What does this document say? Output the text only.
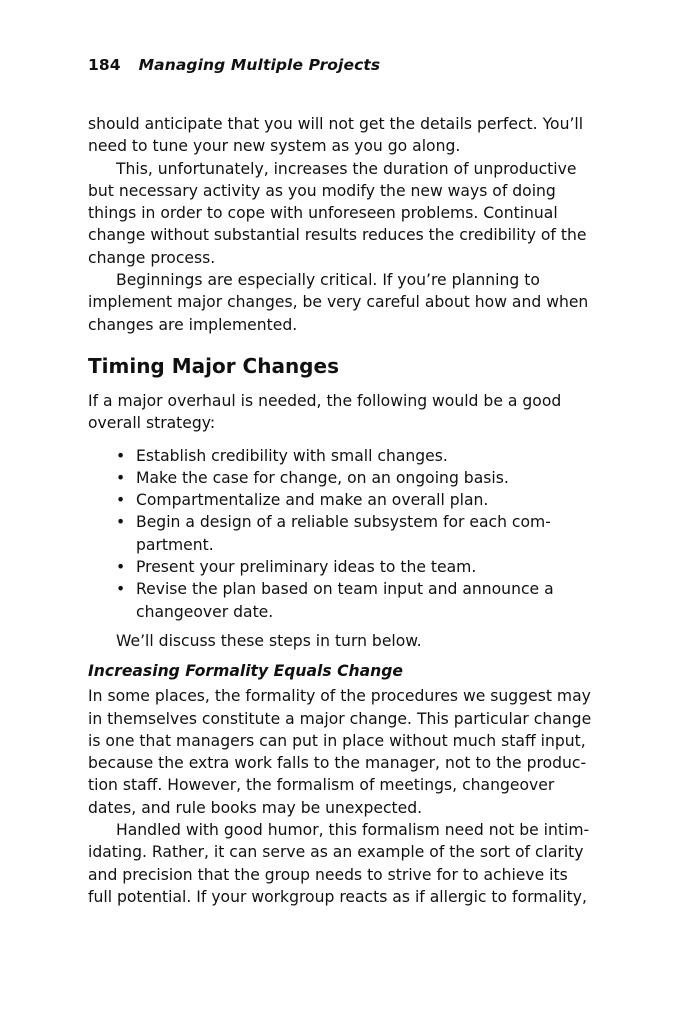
184 Managing Multiple Projects

should anticipate that you will not get the details perfect. You’ll
need to tune your new system as you go along.

This, unfortunately, increases the duration of unproductive
but necessary activity as you modify the new ways of doing
things in order to cope with unforeseen problems. Continual
change without substantial results reduces the credibility of the
change process.

Beginnings are especially critical. If you’re planning to
implement major changes, be very careful about how and when
changes are implemented.

Timing Major Changes

If a major overhaul is needed, the following would be a good
overall strategy:

• Establish credibility with small changes.
• Make the case for change, on an ongoing basis.
• Compartmentalize and make an overall plan.
• Begin a design of a reliable subsystem for each com-
partment.
• Present your preliminary ideas to the team.
• Revise the plan based on team input and announce a
changeover date.

We’ll discuss these steps in turn below.

Increasing Formality Equals Change

In some places, the formality of the procedures we suggest may
in themselves constitute a major change. This particular change
is one that managers can put in place without much staff input,
because the extra work falls to the manager, not to the produc-
tion staff. However, the formalism of meetings, changeover
dates, and rule books may be unexpected.

Handled with good humor, this formalism need not be intim-
idating. Rather, it can serve as an example of the sort of clarity
and precision that the group needs to strive for to achieve its
full potential. If your workgroup reacts as if allergic to formality,
